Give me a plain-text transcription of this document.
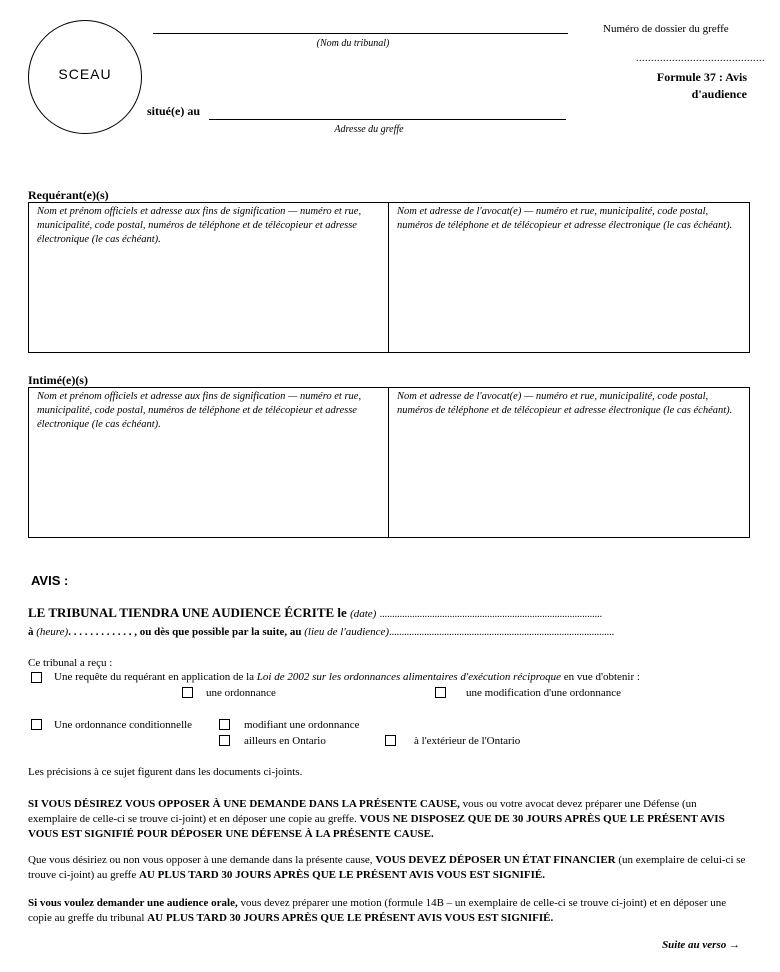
SCEAU
(Nom du tribunal)
situé(e) au
Adresse du greffe
Numéro de dossier du greffe
...........................................
Formule 37 : Avis
d'audience
Requérant(e)(s)
Nom et prénom officiels et adresse aux fins de signification — numéro et rue, municipalité, code postal, numéros de téléphone et de télécopieur et adresse électronique (le cas échéant).
Nom et adresse de l'avocat(e) — numéro et rue, municipalité, code postal, numéros de téléphone et de télécopieur et adresse électronique (le cas échéant).
Intimé(e)(s)
Nom et prénom officiels et adresse aux fins de signification — numéro et rue, municipalité, code postal, numéros de téléphone et de télécopieur et adresse électronique (le cas échéant).
Nom et adresse de l'avocat(e) — numéro et rue, municipalité, code postal, numéros de téléphone et de télécopieur et adresse électronique (le cas échéant).
AVIS :
LE TRIBUNAL TIENDRA UNE AUDIENCE ÉCRITE le (date) .........................................................................................
à (heure). . . . . . . . . . . . , ou dès que possible par la suite, au (lieu de l'audience)..........................................................................................
Ce tribunal a reçu :
Une requête du requérant en application de la Loi de 2002 sur les ordonnances alimentaires d'exécution réciproque en vue d'obtenir :
une ordonnance	une modification d'une ordonnance
Une ordonnance conditionnelle	modifiant une ordonnance
ailleurs en Ontario	à l'extérieur de l'Ontario
Les précisions à ce sujet figurent dans les documents ci-joints.

SI VOUS DÉSIREZ VOUS OPPOSER À UNE DEMANDE DANS LA PRÉSENTE CAUSE, vous ou votre avocat devez préparer une Défense (un exemplaire de celle-ci se trouve ci-joint) et en déposer une copie au greffe. VOUS NE DISPOSEZ QUE DE 30 JOURS APRÈS QUE LE PRÉSENT AVIS VOUS EST SIGNIFIÉ POUR DÉPOSER UNE DÉFENSE À LA PRÉSENTE CAUSE.

Que vous désiriez ou non vous opposer à une demande dans la présente cause, VOUS DEVEZ DÉPOSER UN ÉTAT FINANCIER (un exemplaire de celui-ci se trouve ci-joint) au greffe AU PLUS TARD 30 JOURS APRÈS QUE LE PRÉSENT AVIS VOUS EST SIGNIFIÉ.

Si vous voulez demander une audience orale, vous devez préparer une motion (formule 14B – un exemplaire de celle-ci se trouve ci-joint) et en déposer une copie au greffe du tribunal AU PLUS TARD 30 JOURS APRÈS QUE LE PRÉSENT AVIS VOUS EST SIGNIFIÉ.

Suite au verso →
